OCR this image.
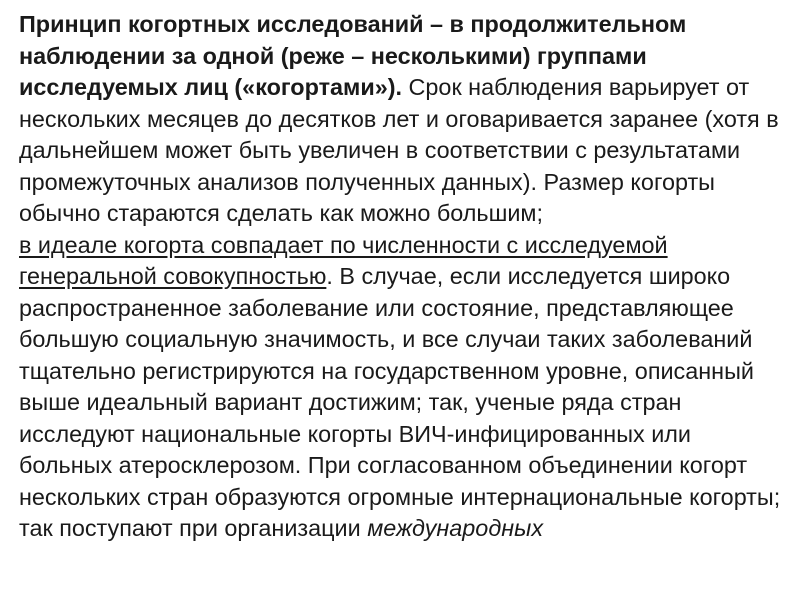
Принцип когортных исследований – в продолжительном наблюдении за одной (реже – несколькими) группами исследуемых лиц («когортами»). Срок наблюдения варьирует от нескольких месяцев до десятков лет и оговаривается заранее (хотя в дальнейшем может быть увеличен в соответствии с результатами промежуточных анализов полученных данных). Размер когорты обычно стараются сделать как можно большим;
в идеале когорта совпадает по численности с исследуемой генеральной совокупностью. В случае, если исследуется широко распространенное заболевание или состояние, представляющее большую социальную значимость, и все случаи таких заболеваний тщательно регистрируются на государственном уровне, описанный выше идеальный вариант достижим; так, ученые ряда стран исследуют национальные когорты ВИЧ-инфицированных или больных атеросклерозом. При согласованном объединении когорт нескольких стран образуются огромные интернациональные когорты; так поступают при организации международных
